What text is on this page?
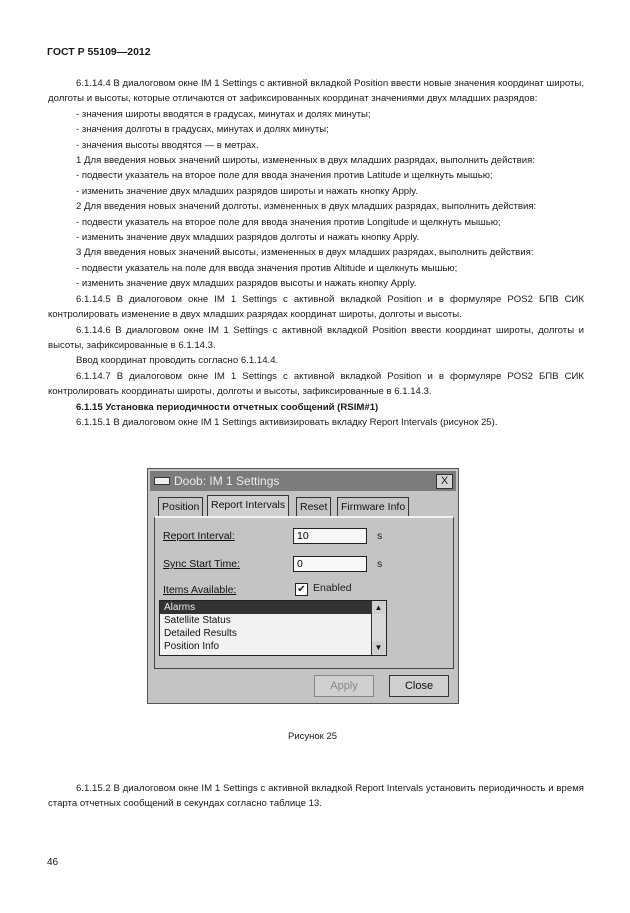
ГОСТ Р 55109—2012

6.1.14.4 В диалоговом окне IM 1 Settings с активной вкладкой Position ввести новые значения координат широты, долготы и высоты, которые отличаются от зафиксированных координат значениями двух младших разрядов:

- значения широты вводятся в градусах, минутах и долях минуты;

- значения долготы в градусах, минутах и долях минуты;

- значения высоты вводятся — в метрах.

1 Для введения новых значений широты, измененных в двух младших разрядах, выполнить действия:

- подвести указатель на второе поле для ввода значения против Latitude и щелкнуть мышью;

- изменить значение двух младших разрядов широты и нажать кнопку Apply.

2 Для введения новых значений долготы, измененных в двух младших разрядах, выполнить действия:

- подвести указатель на второе поле для ввода значения против Longitude и щелкнуть мышью;

- изменить значение двух младших разрядов долготы и нажать кнопку Apply.

3 Для введения новых значений высоты, измененных в двух младших разрядах, выполнить действия:

- подвести указатель на поле для ввода значения против Altitude и щелкнуть мышью;

- изменить значение двух младших разрядов высоты и нажать кнопку Apply.

6.1.14.5 В диалоговом окне IM 1 Settings с активной вкладкой Position и в формуляре POS2 БПВ СИК контролировать изменение в двух младших разрядах координат широты, долготы и высоты.

6.1.14.6 В диалоговом окне IM 1 Settings с активной вкладкой Position ввести координат широты, долготы и высоты, зафиксированные в 6.1.14.3.

Ввод координат проводить согласно 6.1.14.4.

6.1.14.7 В диалоговом окне IM 1 Settings с активной вкладкой Position и в формуляре POS2 БПВ СИК контролировать координаты широты, долготы и высоты, зафиксированные в 6.1.14.3.

6.1.15 Установка периодичности отчетных сообщений (RSIM#1)

6.1.15.1 В диалоговом окне IM 1 Settings активизировать вкладку Report Intervals (рисунок 25).

Doob: IM 1 Settings	X
Position	Report Intervals	Reset	Firmware Info
Report Interval:
10	s
Sync Start Time:
0	s
Items Available:	✔ Enabled
Alarms
Satellite Status
Detailed Results
Position Info
▲
▼
Apply	Close
Рисунок 25

6.1.15.2 В диалоговом окне IM 1 Settings с активной вкладкой Report Intervals установить периодичность и время старта отчетных сообщений в секундах согласно таблице 13.

46
